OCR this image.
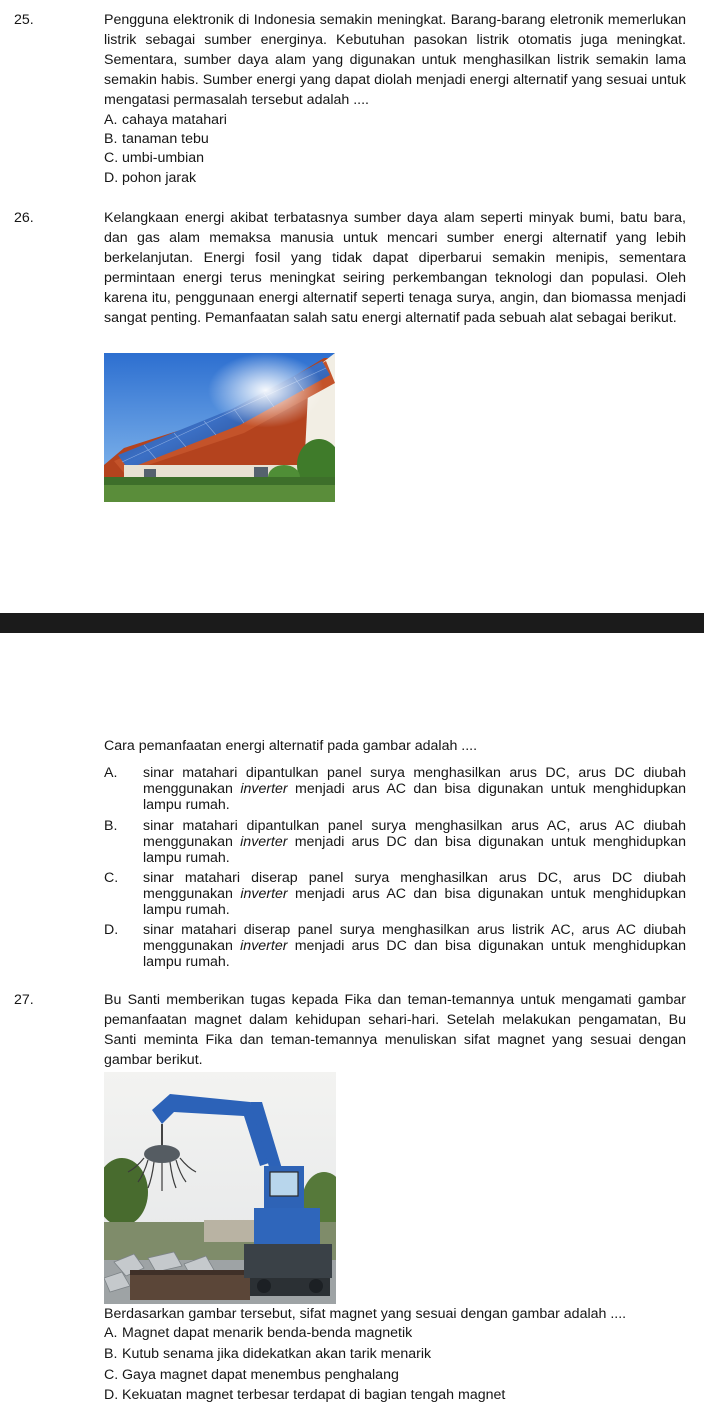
25.	Pengguna elektronik di Indonesia semakin meningkat. Barang-barang eletronik memerlukan listrik sebagai sumber energinya. Kebutuhan pasokan listrik otomatis juga meningkat. Sementara, sumber daya alam yang digunakan untuk menghasilkan listrik semakin lama semakin habis. Sumber energi yang dapat diolah menjadi energi alternatif yang sesuai untuk mengatasi permasalah tersebut adalah ....
A. cahaya matahari
B. tanaman tebu
C. umbi-umbian
D. pohon jarak
26.	Kelangkaan energi akibat terbatasnya sumber daya alam seperti minyak bumi, batu bara, dan gas alam memaksa manusia untuk mencari sumber energi alternatif yang lebih berkelanjutan. Energi fosil yang tidak dapat diperbarui semakin menipis, sementara permintaan energi terus meningkat seiring perkembangan teknologi dan populasi. Oleh karena itu, penggunaan energi alternatif seperti tenaga surya, angin, dan biomassa menjadi sangat penting. Pemanfaatan salah satu energi alternatif pada sebuah alat sebagai berikut.
Cara pemanfaatan energi alternatif pada gambar adalah ....
A. sinar matahari dipantulkan panel surya menghasilkan arus DC, arus DC diubah menggunakan inverter menjadi arus AC dan bisa digunakan untuk menghidupkan lampu rumah.
B. sinar matahari dipantulkan panel surya menghasilkan arus AC, arus AC diubah menggunakan inverter menjadi arus DC dan bisa digunakan untuk menghidupkan lampu rumah.
C. sinar matahari diserap panel surya menghasilkan arus DC, arus DC diubah menggunakan inverter menjadi arus AC dan bisa digunakan untuk menghidupkan lampu rumah.
D. sinar matahari diserap panel surya menghasilkan arus listrik AC, arus AC diubah menggunakan inverter menjadi arus DC dan bisa digunakan untuk menghidupkan lampu rumah.
27.	Bu Santi memberikan tugas kepada Fika dan teman-temannya untuk mengamati gambar pemanfaatan magnet dalam kehidupan sehari-hari. Setelah melakukan pengamatan, Bu Santi meminta Fika dan teman-temannya menuliskan sifat magnet yang sesuai dengan gambar berikut.
Berdasarkan gambar tersebut, sifat magnet yang sesuai dengan gambar adalah ....
A. Magnet dapat menarik benda-benda magnetik
B. Kutub senama jika didekatkan akan tarik menarik
C. Gaya magnet dapat menembus penghalang
D. Kekuatan magnet terbesar terdapat di bagian tengah magnet
